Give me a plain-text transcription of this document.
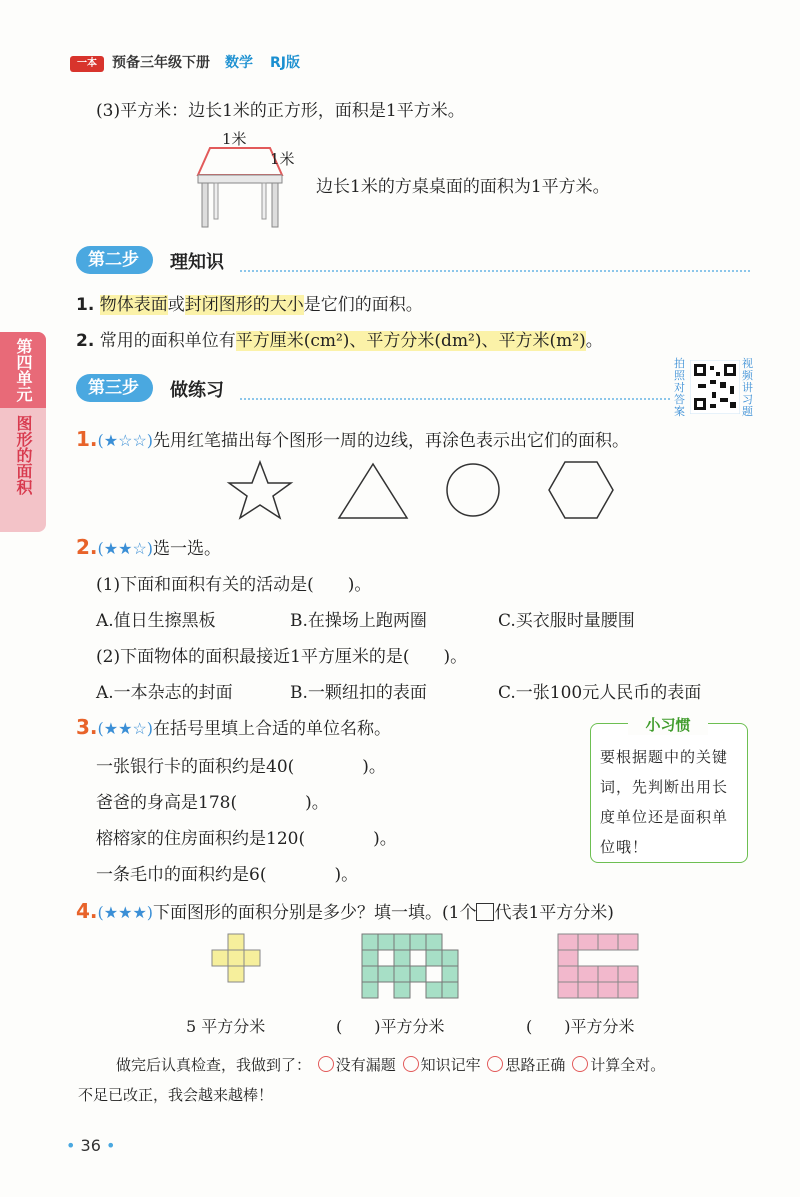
一本	预备三年级下册 数学 RJ版
(3)平方米：边长1米的正方形，面积是1平方米。
1米
1米
边长1米的方桌桌面的面积为1平方米。
第二步	理知识
1. 物体表面或封闭图形的大小是它们的面积。
2. 常用的面积单位有平方厘米(cm²)、平方分米(dm²)、平方米(m²)。
第四单元
图形的面积
第三步	做练习
拍照对答案
视频讲习题
1.(★☆☆)先用红笔描出每个图形一周的边线，再涂色表示出它们的面积。
2.(★★☆)选一选。
(1)下面和面积有关的活动是(　　)。
A.值日生擦黑板	B.在操场上跑两圈	C.买衣服时量腰围
(2)下面物体的面积最接近1平方厘米的是(　　)。
A.一本杂志的封面	B.一颗纽扣的表面	C.一张100元人民币的表面
3.(★★☆)在括号里填上合适的单位名称。
一张银行卡的面积约是40(　　　　)。
爸爸的身高是178(　　　　)。
榕榕家的住房面积约是120(　　　　)。
一条毛巾的面积约是6(　　　　)。
小习惯
要根据题中的关键词，先判断出用长度单位还是面积单位哦！
4.(★★★)下面图形的面积分别是多少？填一填。(1个 代表1平方分米)
5 平方分米	(　　)平方分米	(　　)平方分米
做完后认真检查，我做到了： 没有漏题 知识记牢 思路正确 计算全对。
不足已改正，我会越来越棒！
• 36 •
